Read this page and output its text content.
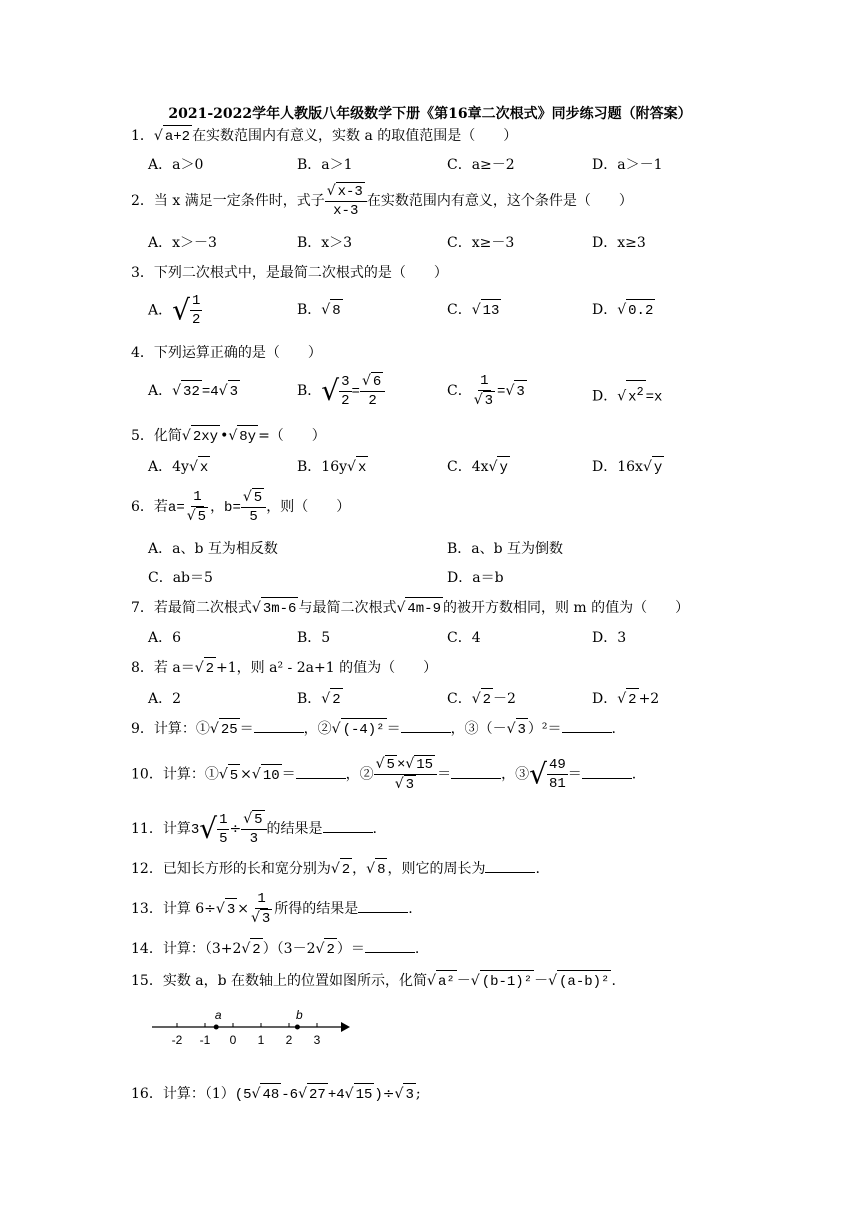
2021-2022学年人教版八年级数学下册《第16章二次根式》同步练习题（附答案）
1．√ a+2 在实数范围内有意义，实数 a 的取值范围是（　　）
A．a＞0	B．a＞1	C．a≥－2	D．a＞－1
2．当 x 满足一定条件时，式子 $\frac{√ x-3}{x-3}$ 在实数范围内有意义，这个条件是（　　）
A．x＞－3	B．x＞3	C．x≥－3	D．x≥3
3．下列二次根式中，是最简二次根式的是（　　）
A．√ $\frac{1}{2}$	B．√ 8	C．√ 13	D．√ 0.2
4．下列运算正确的是（　　）
A．√ 32 =4√ 3	B．√ $\frac{3}{2} = \frac{√ 6}{2}$	C． $\frac{1}{√ 3}$ =√ 3	D．√ $x^2 =x$
5．化简√ 2xy •√ 8y =（　　）
A．4y√ x	B．16y√ x	C．4x√ y	D．16x√ y
6．若$a= \frac{1}{√ 5}$ ，$b= \frac{√ 5}{5}$ ，则（　　）
A．a、b 互为相反数	B．a、b 互为倒数
C．ab＝5	D．a＝b
7．若最简二次根式√ 3m-6 与最简二次根式√ 4m-9 的被开方数相同，则 m 的值为（　　）
A．6	B．5	C．4	D．3
8．若 a＝√ 2 +1，则 a² - 2a+1 的值为（　　）
A．2	B．√ 2	C．√ 2 －2	D．√ 2 +2
9．计算：①√ 25 ＝	，②√ (-4)² ＝	，③（－√ 3 ）²＝	.
10．计算：①√ 5 ×√ 10 ＝	，② $\frac{√ 5 \times√ 15}{√ 3}$ ＝	，③√ $\frac{49}{81}$ ＝	.
11．计算$3√ \frac{1}{5} \div \frac{√ 5}{3}$ 的结果是	.
12．已知长方形的长和宽分别为√ 2 ，√ 8 ，则它的周长为	.
13．计算 6÷√ $3 \times \frac{1}{√ 3}$ 所得的结果是	.
14．计算：（3+2√ 2 ）（3－2√ 2 ）＝	.
15．实数 a，b 在数轴上的位置如图所示，化简√ a² －√ (b-1)² －√ (a-b)² .
-2 -1 0 1 2 3
a	b
16．计算：（1）(5√ 48 -6√ 27 +4√ 15 )÷√ 3 ;
